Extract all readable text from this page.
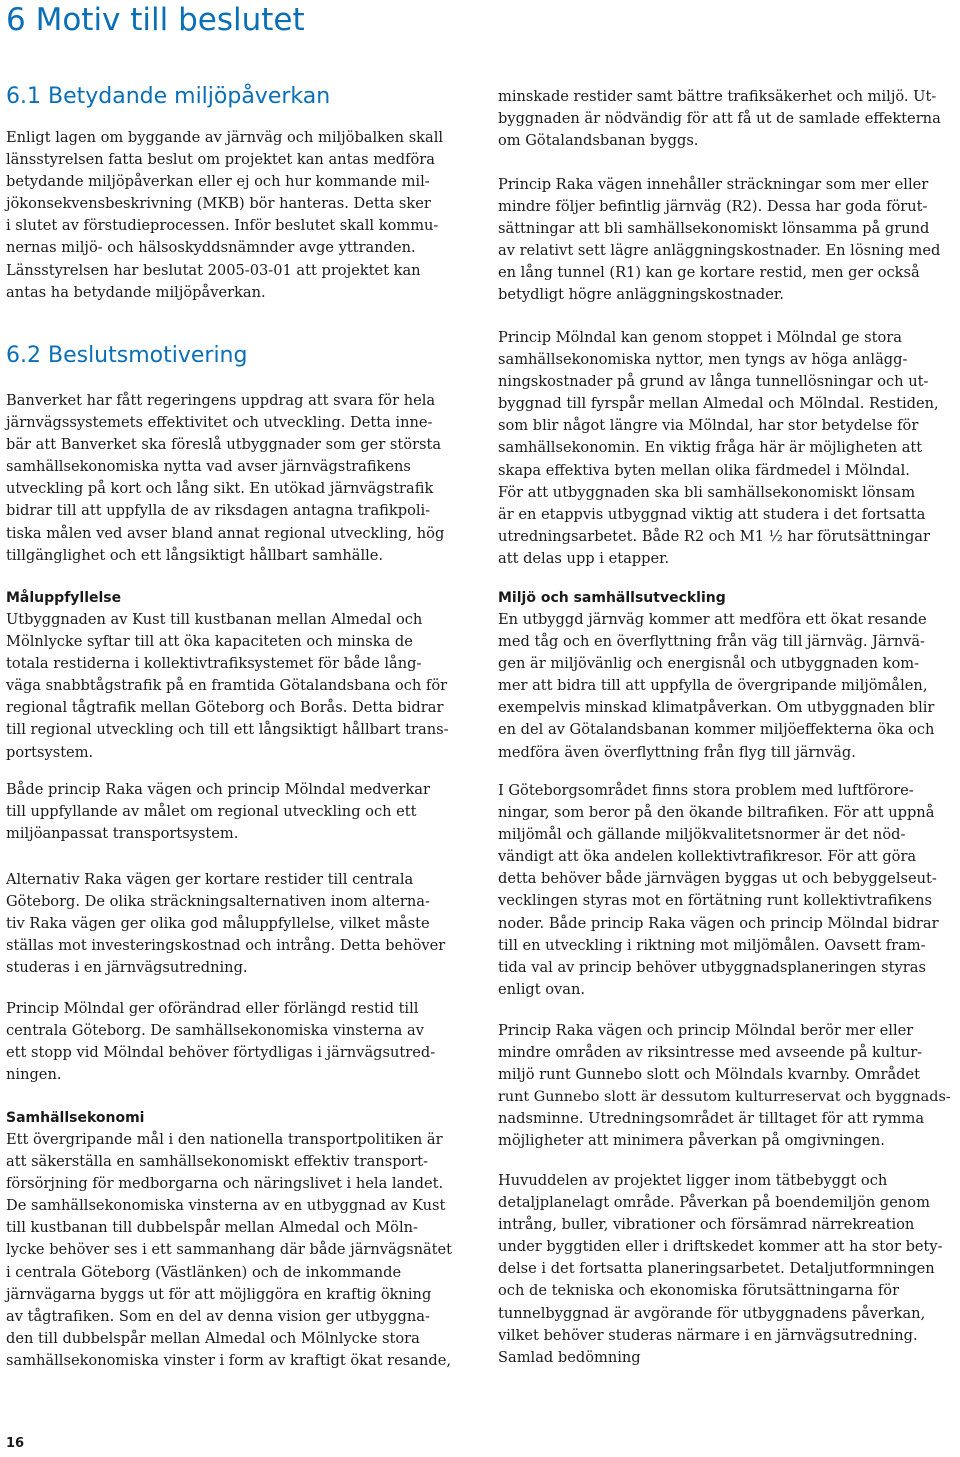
6 Motiv till beslutet
6.1 Betydande miljöpåverkan
6.2 Beslutsmotivering
Enligt lagen om byggande av järnväg och miljöbalken skall
länsstyrelsen fatta beslut om projektet kan antas medföra
betydande miljöpåverkan eller ej och hur kommande mil-
jökonsekvensbeskrivning (MKB) bör hanteras. Detta sker
i slutet av förstudieprocessen. Inför beslutet skall kommu-
nernas miljö- och hälsoskyddsnämnder avge yttranden.
Länsstyrelsen har beslutat 2005-03-01 att projektet kan
antas ha betydande miljöpåverkan.
Banverket har fått regeringens uppdrag att svara för hela
järnvägssystemets effektivitet och utveckling. Detta inne-
bär att Banverket ska föreslå utbyggnader som ger största
samhällsekonomiska nytta vad avser järnvägstrafikens
utveckling på kort och lång sikt. En utökad järnvägstrafik
bidrar till att uppfylla de av riksdagen antagna trafikpoli-
tiska målen ved avser bland annat regional utveckling, hög
tillgänglighet och ett långsiktigt hållbart samhälle.
Måluppfyllelse
Utbyggnaden av Kust till kustbanan mellan Almedal och
Mölnlycke syftar till att öka kapaciteten och minska de
totala restiderna i kollektivtrafiksystemet för både lång-
väga snabbtågstrafik på en framtida Götalandsbana och för
regional tågtrafik mellan Göteborg och Borås. Detta bidrar
till regional utveckling och till ett långsiktigt hållbart trans-
portsystem.
Både princip Raka vägen och princip Mölndal medverkar
till uppfyllande av målet om regional utveckling och ett
miljöanpassat transportsystem.
Alternativ Raka vägen ger kortare restider till centrala
Göteborg. De olika sträckningsalternativen inom alterna-
tiv Raka vägen ger olika god måluppfyllelse, vilket måste
ställas mot investeringskostnad och intrång. Detta behöver
studeras i en järnvägsutredning.
Princip Mölndal ger oförändrad eller förlängd restid till
centrala Göteborg. De samhällsekonomiska vinsterna av
ett stopp vid Mölndal behöver förtydligas i järnvägsutred-
ningen.
Samhällsekonomi
Ett övergripande mål i den nationella transportpolitiken är
att säkerställa en samhällsekonomiskt effektiv transport-
försörjning för medborgarna och näringslivet i hela landet.
De samhällsekonomiska vinsterna av en utbyggnad av Kust
till kustbanan till dubbelspår mellan Almedal och Möln-
lycke behöver ses i ett sammanhang där både järnvägsnätet
i centrala Göteborg (Västlänken) och de inkommande
järnvägarna byggs ut för att möjliggöra en kraftig ökning
av tågtrafiken. Som en del av denna vision ger utbyggna-
den till dubbelspår mellan Almedal och Mölnlycke stora
samhällsekonomiska vinster i form av kraftigt ökat resande,
minskade restider samt bättre trafiksäkerhet och miljö. Ut-
byggnaden är nödvändig för att få ut de samlade effekterna
om Götalandsbanan byggs.
Princip Raka vägen innehåller sträckningar som mer eller
mindre följer befintlig järnväg (R2). Dessa har goda förut-
sättningar att bli samhällsekonomiskt lönsamma på grund
av relativt sett lägre anläggningskostnader. En lösning med
en lång tunnel (R1) kan ge kortare restid, men ger också
betydligt högre anläggningskostnader.
Princip Mölndal kan genom stoppet i Mölndal ge stora
samhällsekonomiska nyttor, men tyngs av höga anlägg-
ningskostnader på grund av långa tunnellösningar och ut-
byggnad till fyrspår mellan Almedal och Mölndal. Restiden,
som blir något längre via Mölndal, har stor betydelse för
samhällsekonomin. En viktig fråga här är möjligheten att
skapa effektiva byten mellan olika färdmedel i Mölndal.
För att utbyggnaden ska bli samhällsekonomiskt lönsam
är en etappvis utbyggnad viktig att studera i det fortsatta
utredningsarbetet. Både R2 och M1 ½ har förutsättningar
att delas upp i etapper.
Miljö och samhällsutveckling
En utbyggd järnväg kommer att medföra ett ökat resande
med tåg och en överflyttning från väg till järnväg. Järnvä-
gen är miljövänlig och energisnål och utbyggnaden kom-
mer att bidra till att uppfylla de övergripande miljömålen,
exempelvis minskad klimatpåverkan. Om utbyggnaden blir
en del av Götalandsbanan kommer miljöeffekterna öka och
medföra även överflyttning från flyg till järnväg.
I Göteborgsområdet finns stora problem med luftförore-
ningar, som beror på den ökande biltrafiken. För att uppnå
miljömål och gällande miljökvalitetsnormer är det nöd-
vändigt att öka andelen kollektivtrafikresor. För att göra
detta behöver både järnvägen byggas ut och bebyggelseut-
vecklingen styras mot en förtätning runt kollektivtrafikens
noder. Både princip Raka vägen och princip Mölndal bidrar
till en utveckling i riktning mot miljömålen. Oavsett fram-
tida val av princip behöver utbyggnadsplaneringen styras
enligt ovan.
Princip Raka vägen och princip Mölndal berör mer eller
mindre områden av riksintresse med avseende på kultur-
miljö runt Gunnebo slott och Mölndals kvarnby. Området
runt Gunnebo slott är dessutom kulturreservat och byggnads-
nadsminne. Utredningsområdet är tilltaget för att rymma
möjligheter att minimera påverkan på omgivningen.
Huvuddelen av projektet ligger inom tätbebyggt och
detaljplanelagt område. Påverkan på boendemiljön genom
intrång, buller, vibrationer och försämrad närrekreation
under byggtiden eller i driftskedet kommer att ha stor bety-
delse i det fortsatta planeringsarbetet. Detaljutformningen
och de tekniska och ekonomiska förutsättningarna för
tunnelbyggnad är avgörande för utbyggnadens påverkan,
vilket behöver studeras närmare i en järnvägsutredning.
Samlad bedömning
16
